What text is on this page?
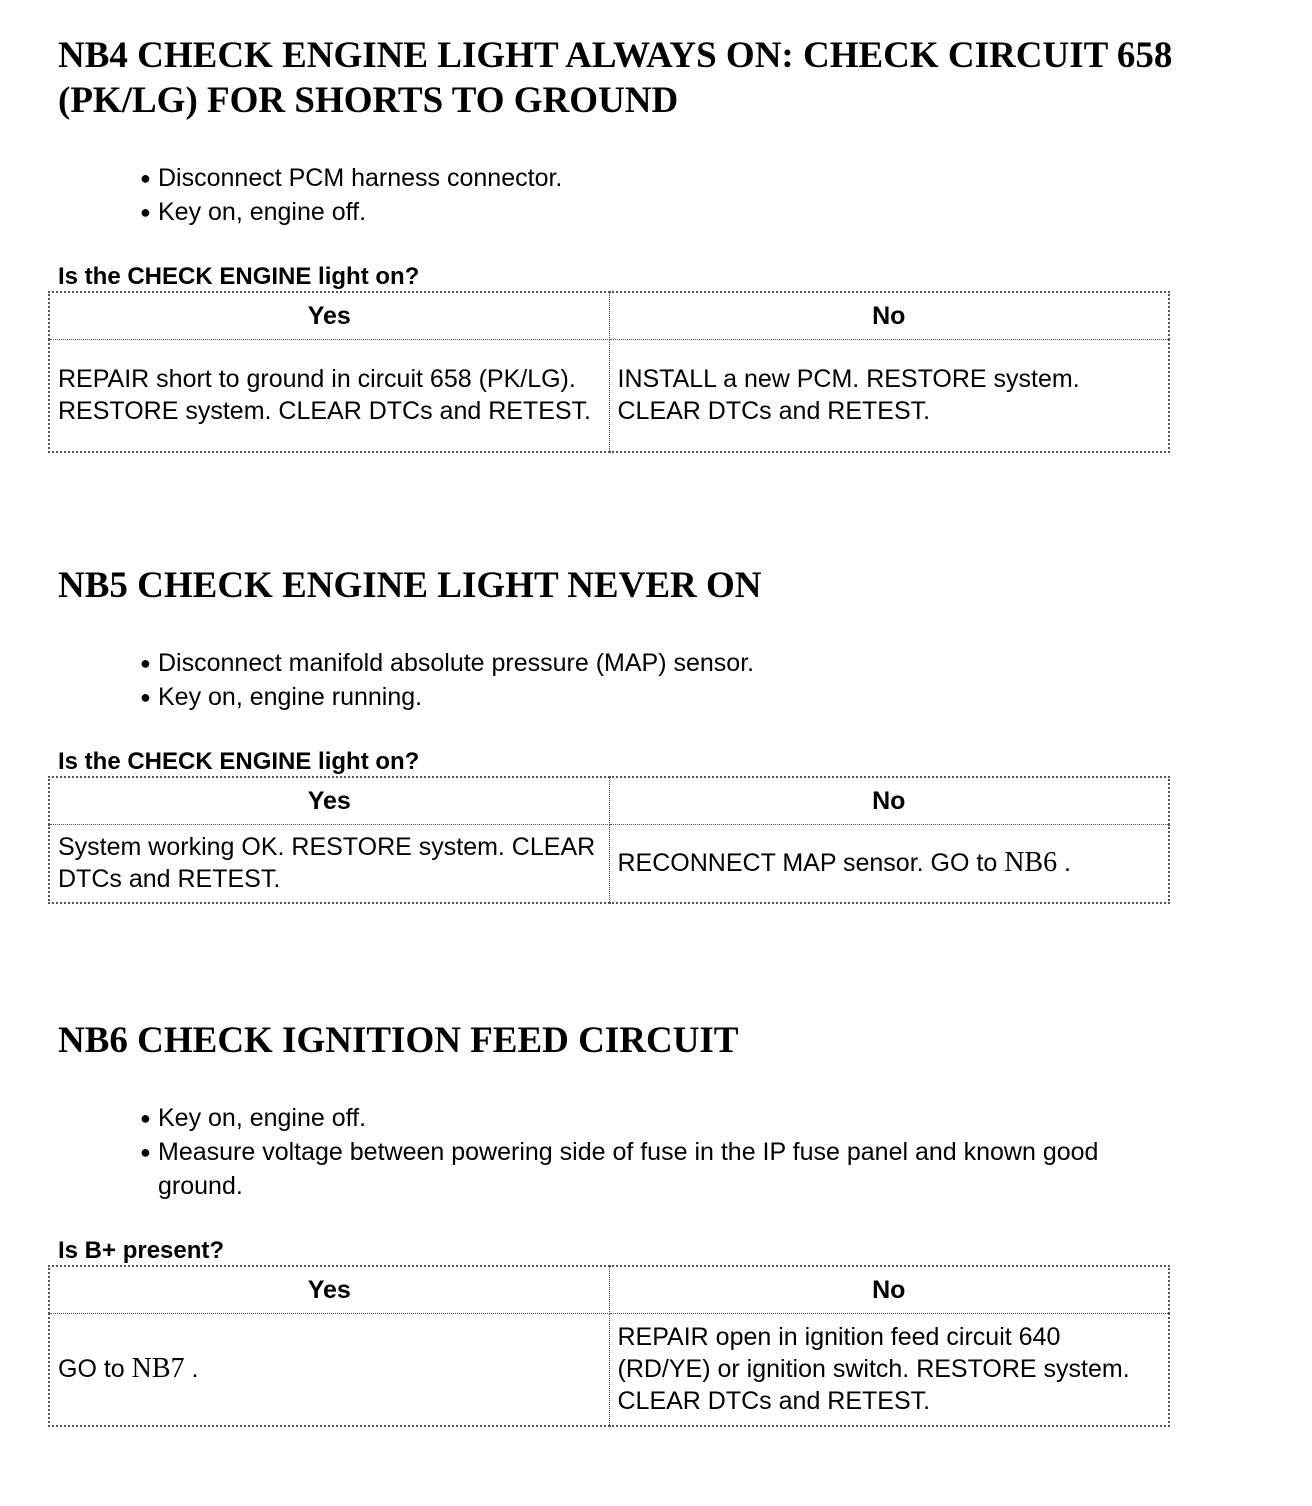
NB4 CHECK ENGINE LIGHT ALWAYS ON: CHECK CIRCUIT 658 (PK/LG) FOR SHORTS TO GROUND
● Disconnect PCM harness connector.
● Key on, engine off.
Is the CHECK ENGINE light on?
Yes	No
REPAIR short to ground in circuit 658 (PK/LG). RESTORE system. CLEAR DTCs and RETEST.	INSTALL a new PCM. RESTORE system. CLEAR DTCs and RETEST.
NB5 CHECK ENGINE LIGHT NEVER ON
● Disconnect manifold absolute pressure (MAP) sensor.
● Key on, engine running.
Is the CHECK ENGINE light on?
Yes	No
System working OK. RESTORE system. CLEAR DTCs and RETEST.	RECONNECT MAP sensor. GO to NB6 .
NB6 CHECK IGNITION FEED CIRCUIT
● Key on, engine off.
● Measure voltage between powering side of fuse in the IP fuse panel and known good ground.
Is B+ present?
Yes	No
GO to NB7 .	REPAIR open in ignition feed circuit 640 (RD/YE) or ignition switch. RESTORE system. CLEAR DTCs and RETEST.
